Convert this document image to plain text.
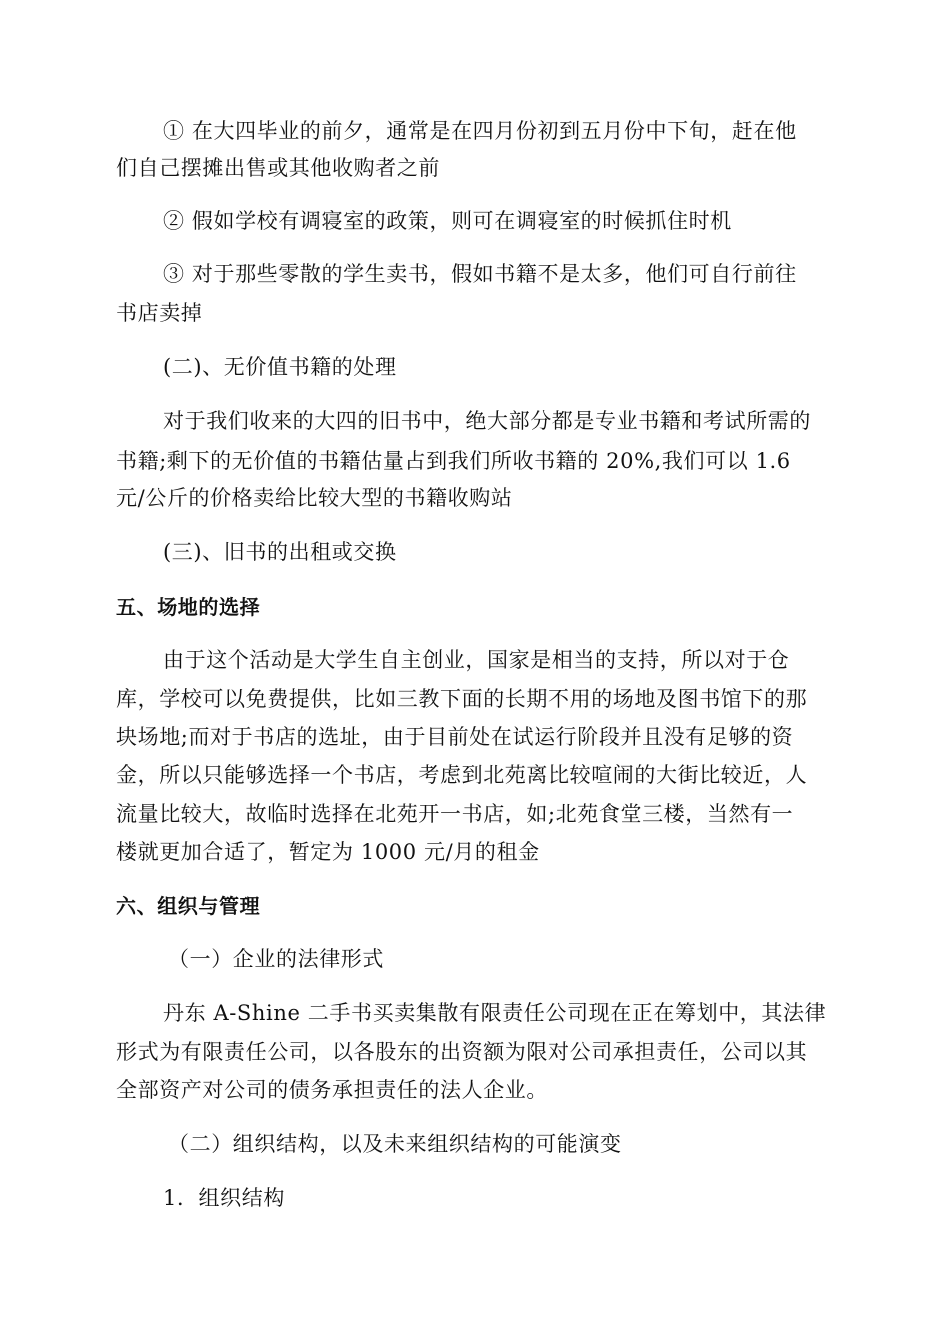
① 在大四毕业的前夕，通常是在四月份初到五月份中下旬，赶在他
们自己摆摊出售或其他收购者之前
② 假如学校有调寝室的政策，则可在调寝室的时候抓住时机
③ 对于那些零散的学生卖书，假如书籍不是太多，他们可自行前往
书店卖掉
(二)、无价值书籍的处理
对于我们收来的大四的旧书中，绝大部分都是专业书籍和考试所需的
书籍;剩下的无价值的书籍估量占到我们所收书籍的 20%,我们可以 1.6
元/公斤的价格卖给比较大型的书籍收购站
(三)、旧书的出租或交换
五、场地的选择
由于这个活动是大学生自主创业，国家是相当的支持，所以对于仓
库，学校可以免费提供，比如三教下面的长期不用的场地及图书馆下的那
块场地;而对于书店的选址，由于目前处在试运行阶段并且没有足够的资
金，所以只能够选择一个书店，考虑到北苑离比较喧闹的大街比较近，人
流量比较大，故临时选择在北苑开一书店，如;北苑食堂三楼，当然有一
楼就更加合适了，暂定为 1000 元/月的租金
六、组织与管理
（一）企业的法律形式
丹东 A-Shine 二手书买卖集散有限责任公司现在正在筹划中，其法律
形式为有限责任公司，以各股东的出资额为限对公司承担责任，公司以其
全部资产对公司的债务承担责任的法人企业。
（二）组织结构，以及未来组织结构的可能演变
1．组织结构
